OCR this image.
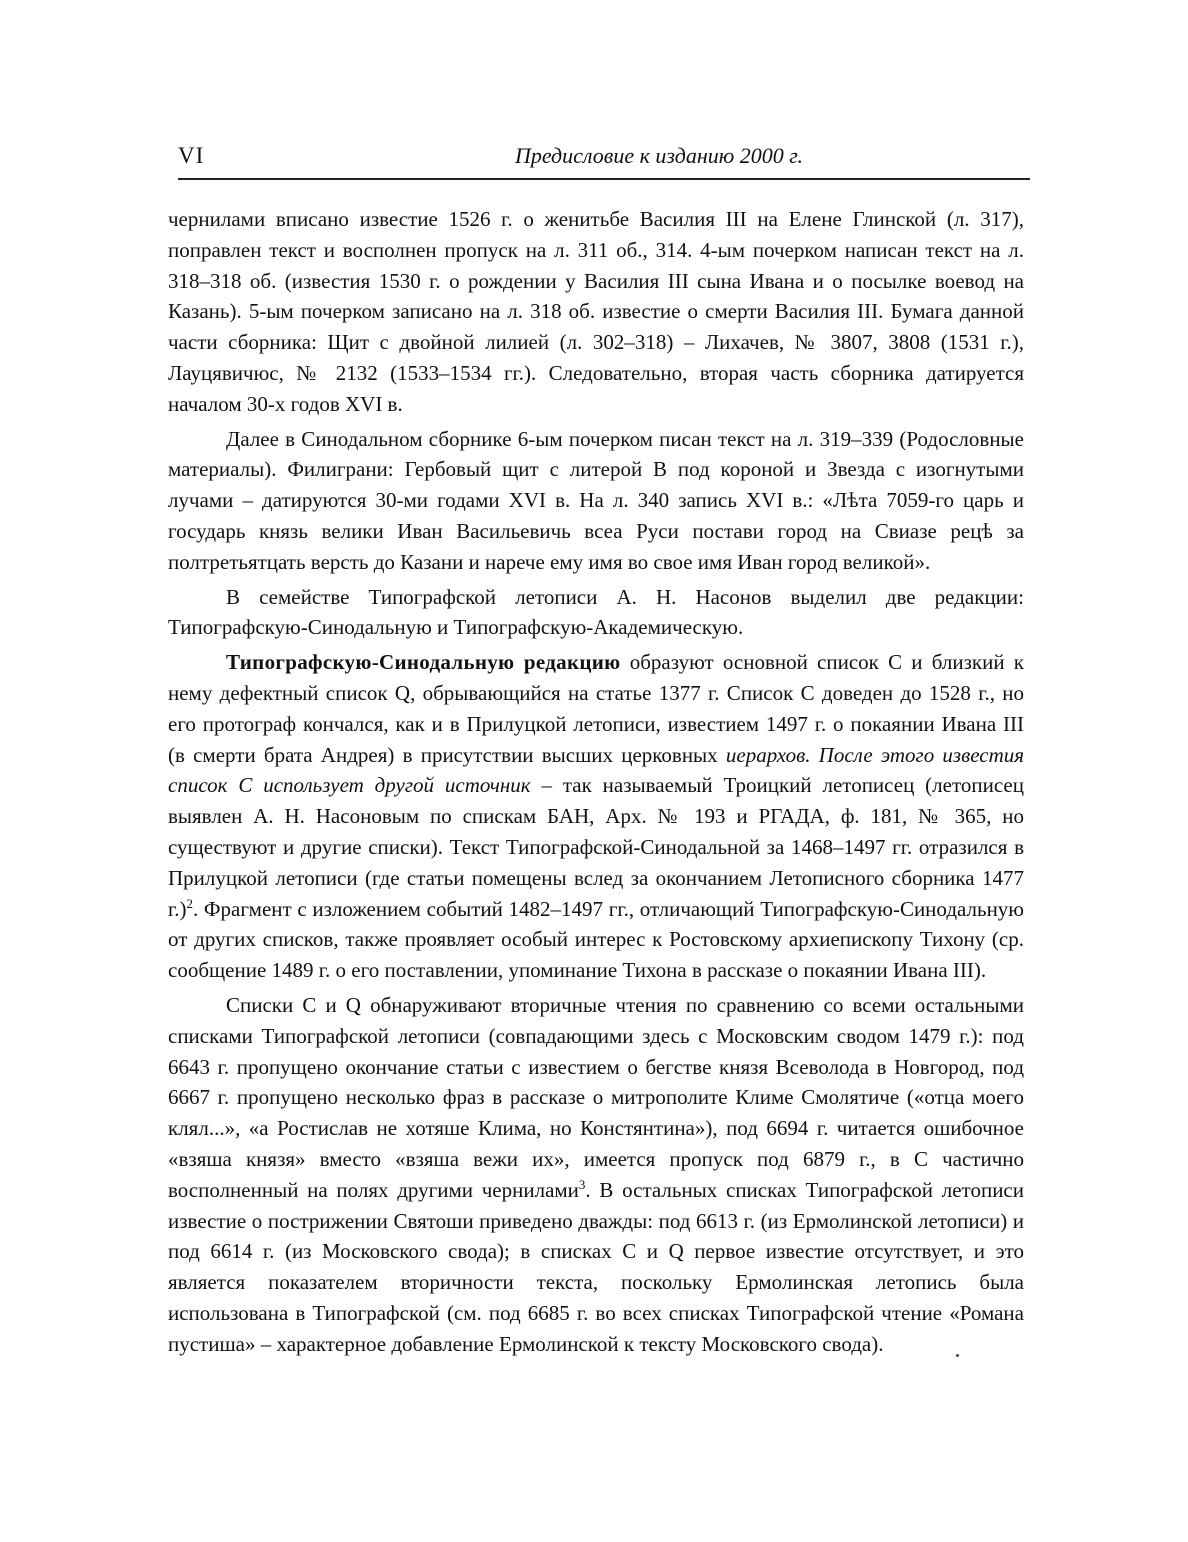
VI	Предисловие к изданию 2000 г.

чернилами вписано известие 1526 г. о женитьбе Василия III на Елене Глинской (л. 317), поправлен текст и восполнен пропуск на л. 311 об., 314. 4-ым почерком написан текст на л. 318–318 об. (известия 1530 г. о рождении у Василия III сына Ивана и о посылке воевод на Казань). 5-ым почерком записано на л. 318 об. известие о смерти Василия III. Бумага данной части сборника: Щит с двойной лилией (л. 302–318) – Лихачев, № 3807, 3808 (1531 г.), Лауцявичюс, № 2132 (1533–1534 гг.). Следовательно, вторая часть сборника датируется началом 30-х годов XVI в.

Далее в Синодальном сборнике 6-ым почерком писан текст на л. 319–339 (Родословные материалы). Филиграни: Гербовый щит с литерой В под короной и Звезда с изогнутыми лучами – датируются 30-ми годами XVI в. На л. 340 запись XVI в.: «Лѣта 7059-го царь и государь князь велики Иван Васильевичь всеа Руси постави город на Свиазе рецѣ за полтретьятцать версть до Казани и нарече ему имя во свое имя Иван город великой».

В семействе Типографской летописи А. Н. Насонов выделил две редакции: Типографскую-Синодальную и Типографскую-Академическую.

Типографскую-Синодальную редакцию образуют основной список С и близкий к нему дефектный список Q, обрывающийся на статье 1377 г. Список С доведен до 1528 г., но его протограф кончался, как и в Прилуцкой летописи, известием 1497 г. о покаянии Ивана III (в смерти брата Андрея) в присутствии высших церковных иерархов. После этого известия список С использует другой источник – так называемый Троицкий летописец (летописец выявлен А. Н. Насоновым по спискам БАН, Арх. № 193 и РГАДА, ф. 181, № 365, но существуют и другие списки). Текст Типографской-Синодальной за 1468–1497 гг. отразился в Прилуцкой летописи (где статьи помещены вслед за окончанием Летописного сборника 1477 г.)$^2$. Фрагмент с изложением событий 1482–1497 гг., отличающий Типографскую-Синодальную от других списков, также проявляет особый интерес к Ростовскому архиепископу Тихону (ср. сообщение 1489 г. о его поставлении, упоминание Тихона в рассказе о покаянии Ивана III).

Списки С и Q обнаруживают вторичные чтения по сравнению со всеми остальными списками Типографской летописи (совпадающими здесь с Московским сводом 1479 г.): под 6643 г. пропущено окончание статьи с известием о бегстве князя Всеволода в Новгород, под 6667 г. пропущено несколько фраз в рассказе о митрополите Климе Смолятиче («отца моего клял...», «а Ростислав не хотяше Клима, но Констянтина»), под 6694 г. читается ошибочное «взяша князя» вместо «взяша вежи их», имеется пропуск под 6879 г., в С частично восполненный на полях другими чернилами$^3$. В остальных списках Типографской летописи известие о пострижении Святоши приведено дважды: под 6613 г. (из Ермолинской летописи) и под 6614 г. (из Московского свода); в списках С и Q первое известие отсутствует, и это является показателем вторичности текста, поскольку Ермолинская летопись была использована в Типографской (см. под 6685 г. во всех списках Типографской чтение «Романа пустиша» – характерное добавление Ермолинской к тексту Московского свода).
